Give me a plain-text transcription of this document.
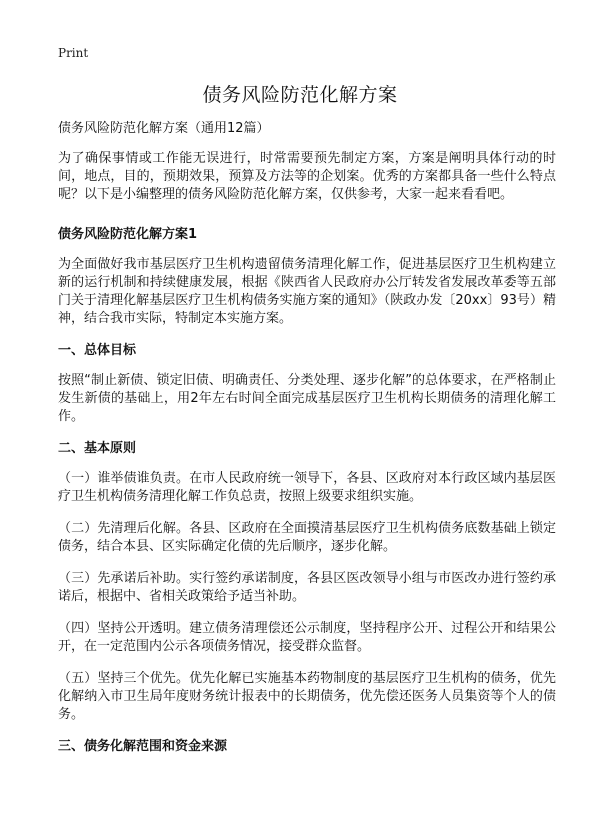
Print
债务风险防范化解方案

债务风险防范化解方案（通用12篇）

为了确保事情或工作能无误进行，时常需要预先制定方案，方案是阐明具体行动的时间，地点，目的，预期效果，预算及方法等的企划案。优秀的方案都具备一些什么特点呢？以下是小编整理的债务风险防范化解方案，仅供参考，大家一起来看看吧。

债务风险防范化解方案1

为全面做好我市基层医疗卫生机构遗留债务清理化解工作，促进基层医疗卫生机构建立新的运行机制和持续健康发展，根据《陕西省人民政府办公厅转发省发展改革委等五部门关于清理化解基层医疗卫生机构债务实施方案的通知》（陕政办发〔20xx〕93号）精神，结合我市实际，特制定本实施方案。

一、总体目标

按照“制止新债、锁定旧债、明确责任、分类处理、逐步化解”的总体要求，在严格制止发生新债的基础上，用2年左右时间全面完成基层医疗卫生机构长期债务的清理化解工作。

二、基本原则

（一）谁举债谁负责。在市人民政府统一领导下，各县、区政府对本行政区域内基层医疗卫生机构债务清理化解工作负总责，按照上级要求组织实施。

（二）先清理后化解。各县、区政府在全面摸清基层医疗卫生机构债务底数基础上锁定债务，结合本县、区实际确定化债的先后顺序，逐步化解。

（三）先承诺后补助。实行签约承诺制度，各县区医改领导小组与市医改办进行签约承诺后，根据中、省相关政策给予适当补助。

（四）坚持公开透明。建立债务清理偿还公示制度，坚持程序公开、过程公开和结果公开，在一定范围内公示各项债务情况，接受群众监督。

（五）坚持三个优先。优先化解已实施基本药物制度的基层医疗卫生机构的债务，优先化解纳入市卫生局年度财务统计报表中的长期债务，优先偿还医务人员集资等个人的债务。

三、债务化解范围和资金来源
